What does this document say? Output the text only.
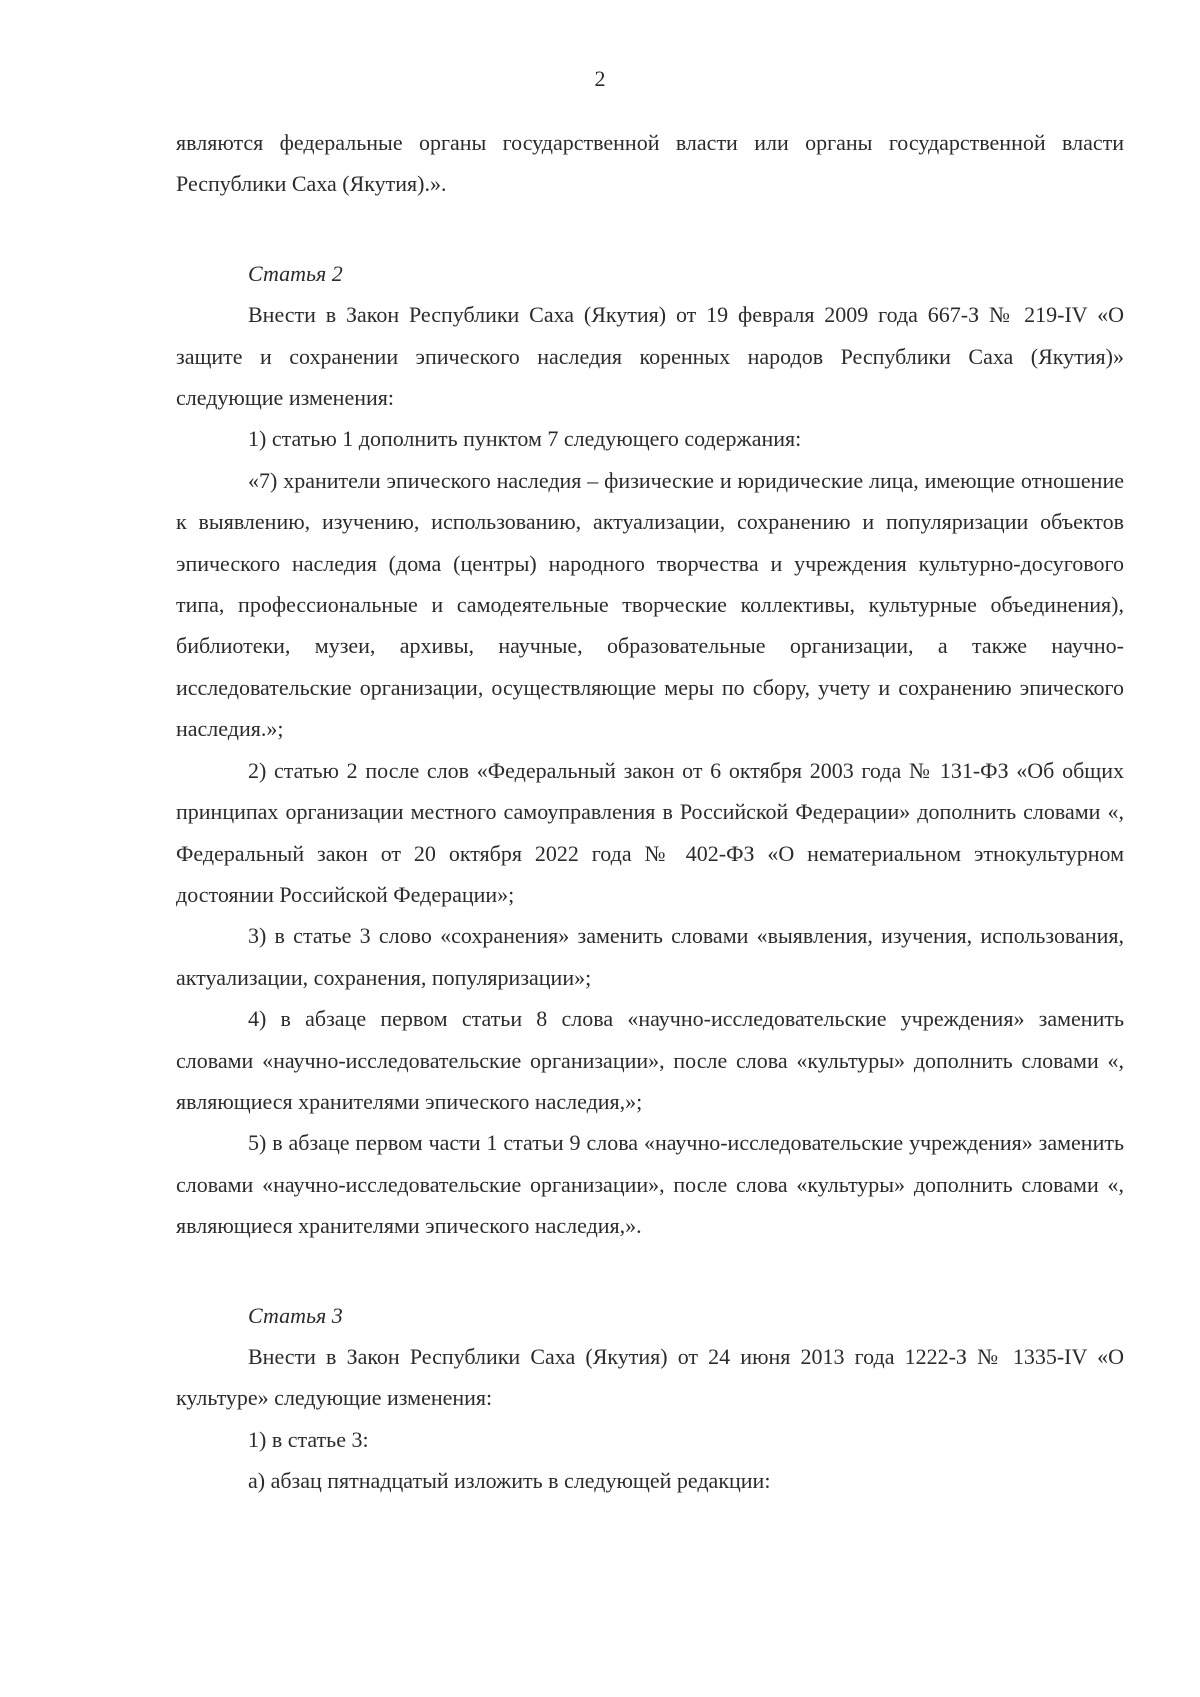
2

являются федеральные органы государственной власти или органы государственной власти Республики Саха (Якутия).».

Статья 2

Внести в Закон Республики Саха (Якутия) от 19 февраля 2009 года 667-З № 219-IV «О защите и сохранении эпического наследия коренных народов Республики Саха (Якутия)» следующие изменения:

1) статью 1 дополнить пунктом 7 следующего содержания:

«7) хранители эпического наследия – физические и юридические лица, имеющие отношение к выявлению, изучению, использованию, актуализации, сохранению и популяризации объектов эпического наследия (дома (центры) народного творчества и учреждения культурно-досугового типа, профессиональные и самодеятельные творческие коллективы, культурные объединения), библиотеки, музеи, архивы, научные, образовательные организации, а также научно-исследовательские организации, осуществляющие меры по сбору, учету и сохранению эпического наследия.»;

2) статью 2 после слов «Федеральный закон от 6 октября 2003 года № 131-ФЗ «Об общих принципах организации местного самоуправления в Российской Федерации» дополнить словами «, Федеральный закон от 20 октября 2022 года № 402-ФЗ «О нематериальном этнокультурном достоянии Российской Федерации»;

3) в статье 3 слово «сохранения» заменить словами «выявления, изучения, использования, актуализации, сохранения, популяризации»;

4) в абзаце первом статьи 8 слова «научно-исследовательские учреждения» заменить словами «научно-исследовательские организации», после слова «культуры» дополнить словами «, являющиеся хранителями эпического наследия,»;

5) в абзаце первом части 1 статьи 9 слова «научно-исследовательские учреждения» заменить словами «научно-исследовательские организации», после слова «культуры» дополнить словами «, являющиеся хранителями эпического наследия,».

Статья 3

Внести в Закон Республики Саха (Якутия) от 24 июня 2013 года 1222-З № 1335-IV «О культуре» следующие изменения:

1) в статье 3:

а) абзац пятнадцатый изложить в следующей редакции:
